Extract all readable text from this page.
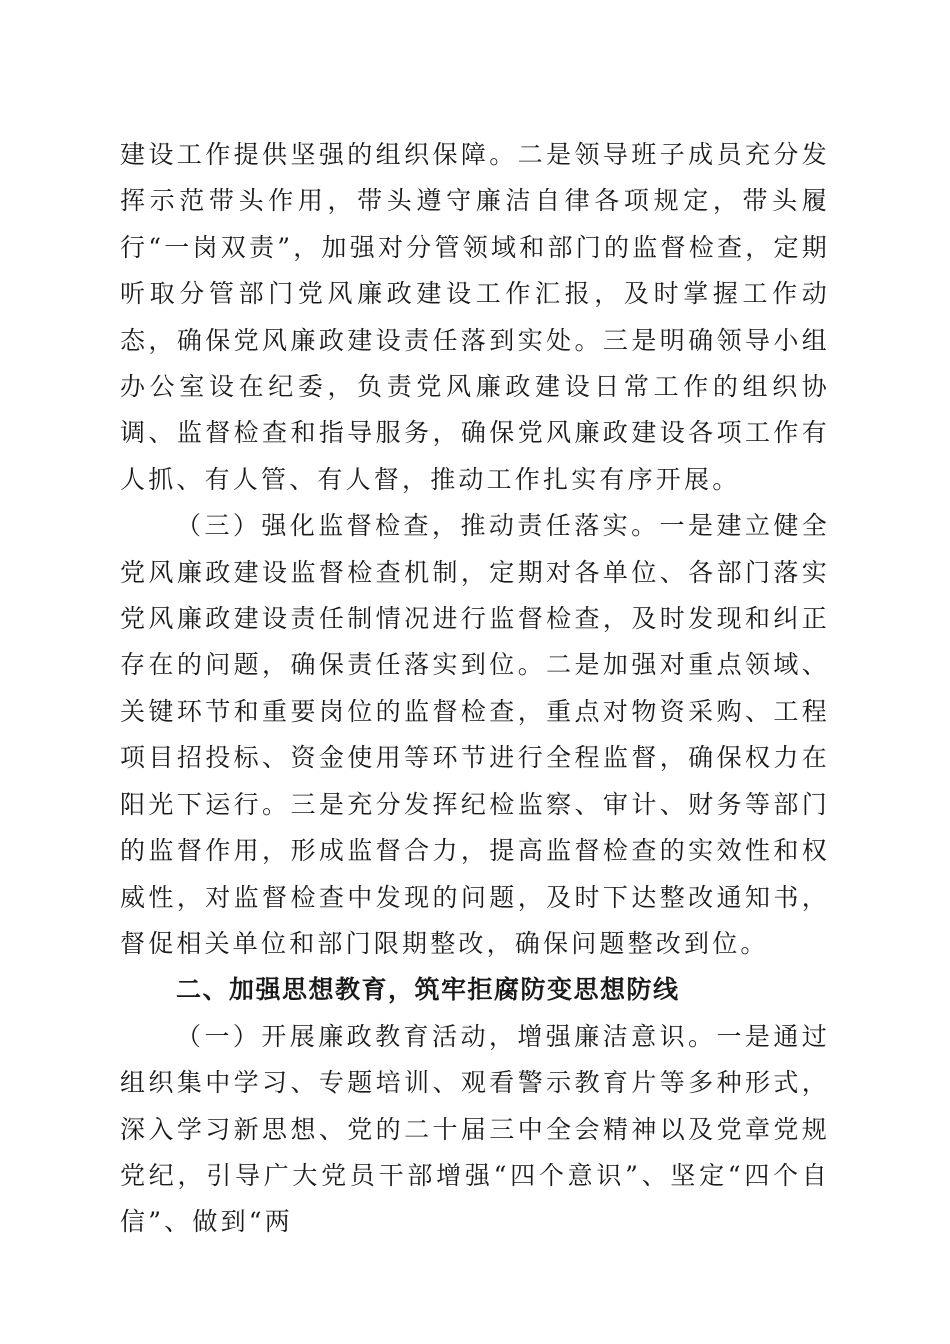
建设工作提供坚强的组织保障。二是领导班子成员充分发挥示范带头作用，带头遵守廉洁自律各项规定，带头履行“一岗双责”，加强对分管领域和部门的监督检查，定期听取分管部门党风廉政建设工作汇报，及时掌握工作动态，确保党风廉政建设责任落到实处。三是明确领导小组办公室设在纪委，负责党风廉政建设日常工作的组织协调、监督检查和指导服务，确保党风廉政建设各项工作有人抓、有人管、有人督，推动工作扎实有序开展。

（三）强化监督检查，推动责任落实。一是建立健全党风廉政建设监督检查机制，定期对各单位、各部门落实党风廉政建设责任制情况进行监督检查，及时发现和纠正存在的问题，确保责任落实到位。二是加强对重点领域、关键环节和重要岗位的监督检查，重点对物资采购、工程项目招投标、资金使用等环节进行全程监督，确保权力在阳光下运行。三是充分发挥纪检监察、审计、财务等部门的监督作用，形成监督合力，提高监督检查的实效性和权威性，对监督检查中发现的问题，及时下达整改通知书，督促相关单位和部门限期整改，确保问题整改到位。

二、加强思想教育，筑牢拒腐防变思想防线

（一）开展廉政教育活动，增强廉洁意识。一是通过组织集中学习、专题培训、观看警示教育片等多种形式，深入学习新思想、党的二十届三中全会精神以及党章党规党纪，引导广大党员干部增强“四个意识”、坚定“四个自信”、做到“两
